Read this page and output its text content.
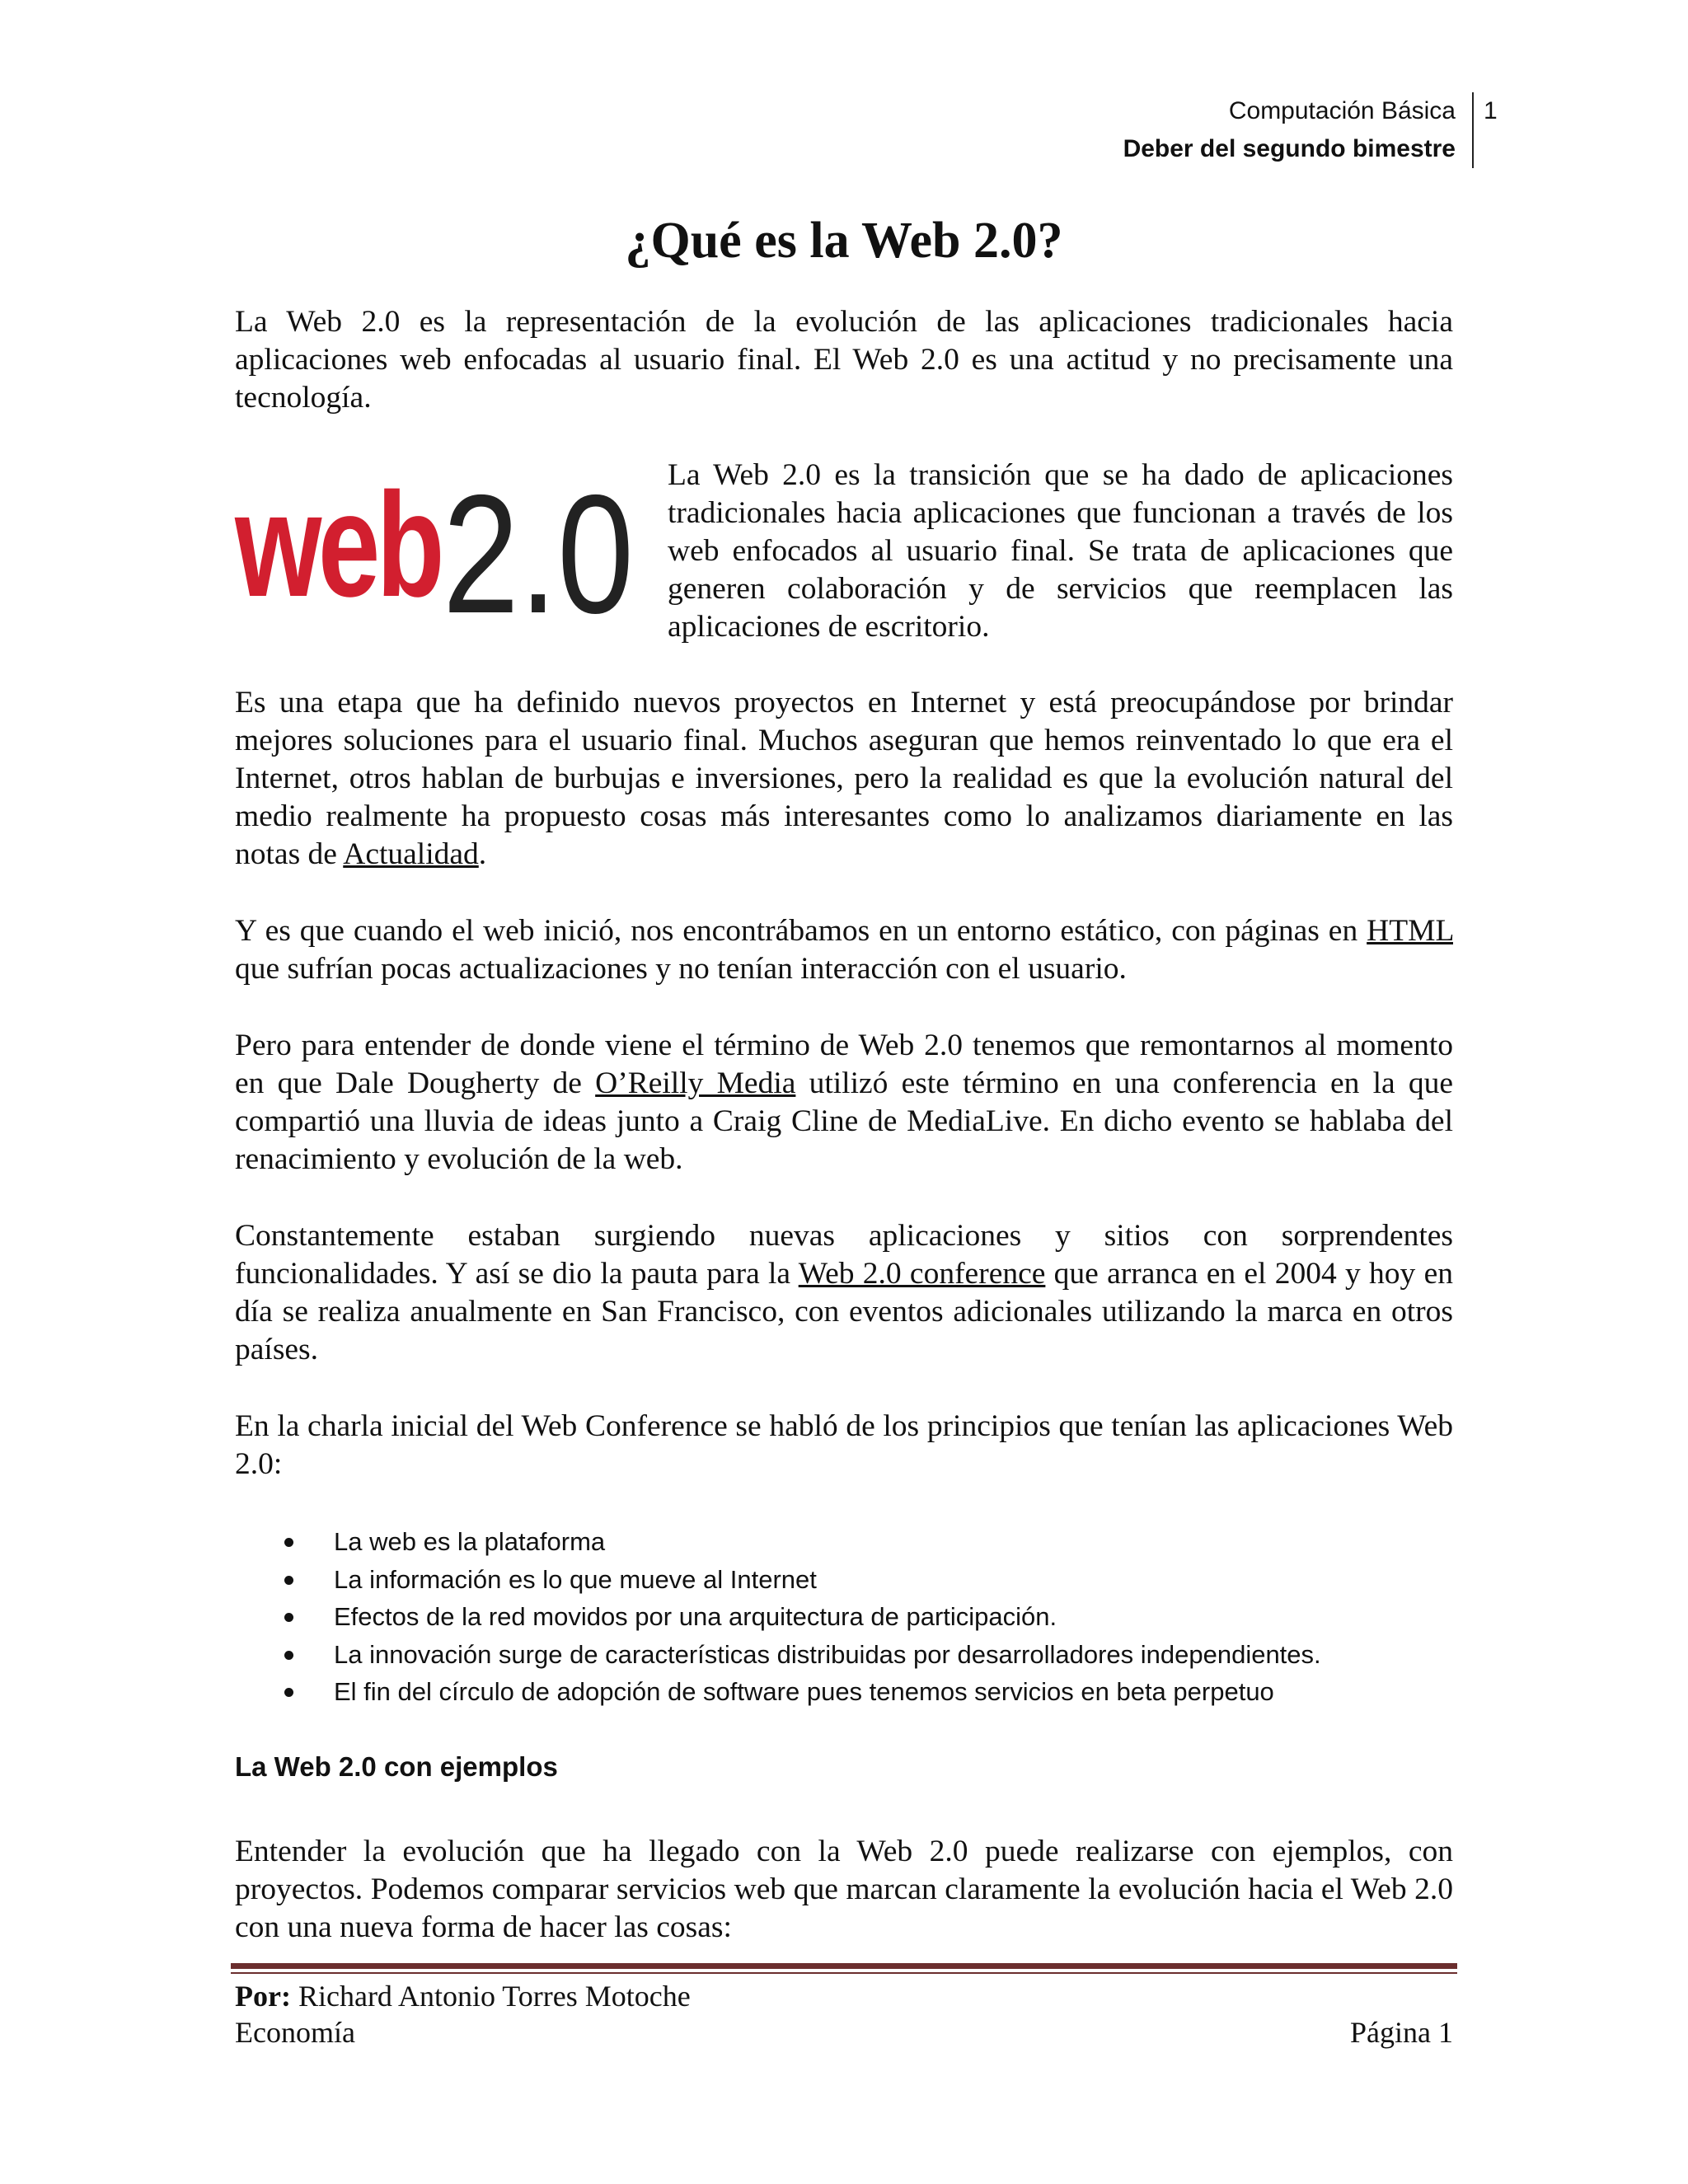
Computación Básica
Deber del segundo bimestre
1
¿Qué es la Web 2.0?

La Web 2.0 es la representación de la evolución de las aplicaciones tradicionales hacia aplicaciones web enfocadas al usuario final. El Web 2.0 es una actitud y no precisamente una tecnología.

web 2.0 La Web 2.0 es la transición que se ha dado de aplicaciones tradicionales hacia aplicaciones que funcionan a través de los web enfocados al usuario final. Se trata de aplicaciones que generen colaboración y de servicios que reemplacen las aplicaciones de escritorio.

Es una etapa que ha definido nuevos proyectos en Internet y está preocupándose por brindar mejores soluciones para el usuario final. Muchos aseguran que hemos reinventado lo que era el Internet, otros hablan de burbujas e inversiones, pero la realidad es que la evolución natural del medio realmente ha propuesto cosas más interesantes como lo analizamos diariamente en las notas de Actualidad.

Y es que cuando el web inició, nos encontrábamos en un entorno estático, con páginas en HTML que sufrían pocas actualizaciones y no tenían interacción con el usuario.

Pero para entender de donde viene el término de Web 2.0 tenemos que remontarnos al momento en que Dale Dougherty de O’Reilly Media utilizó este término en una conferencia en la que compartió una lluvia de ideas junto a Craig Cline de MediaLive. En dicho evento se hablaba del renacimiento y evolución de la web.

Constantemente estaban surgiendo nuevas aplicaciones y sitios con sorprendentes funcionalidades. Y así se dio la pauta para la Web 2.0 conference que arranca en el 2004 y hoy en día se realiza anualmente en San Francisco, con eventos adicionales utilizando la marca en otros países.

En la charla inicial del Web Conference se habló de los principios que tenían las aplicaciones Web 2.0:

La web es la plataforma
La información es lo que mueve al Internet
Efectos de la red movidos por una arquitectura de participación.
La innovación surge de características distribuidas por desarrolladores independientes.
El fin del círculo de adopción de software pues tenemos servicios en beta perpetuo
La Web 2.0 con ejemplos

Entender la evolución que ha llegado con la Web 2.0 puede realizarse con ejemplos, con proyectos. Podemos comparar servicios web que marcan claramente la evolución hacia el Web 2.0 con una nueva forma de hacer las cosas:

Por: Richard Antonio Torres Motoche
Economía	Página 1
